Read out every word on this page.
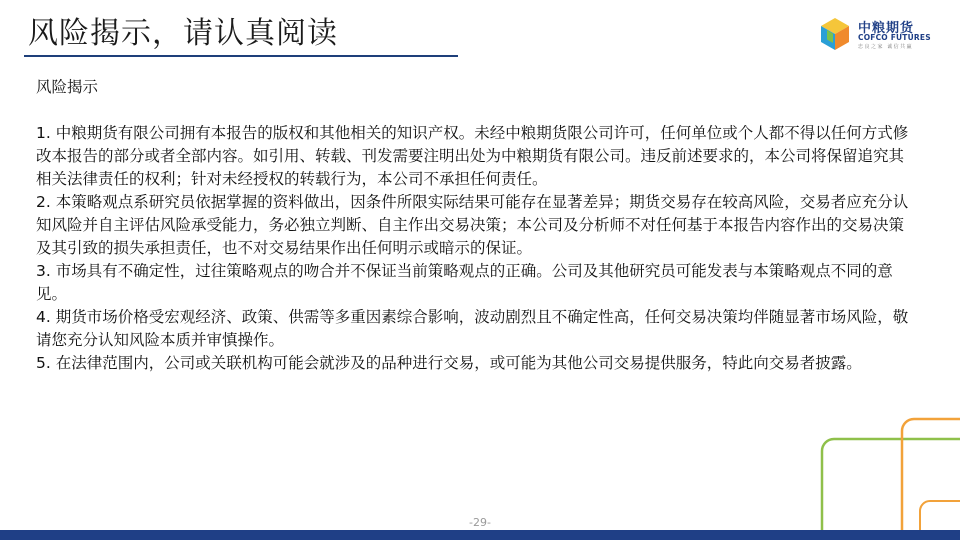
风险揭示，请认真阅读	中粮期货
COFCO FUTURES
忠良之家 诚信共赢

风险揭示

1. 中粮期货有限公司拥有本报告的版权和其他相关的知识产权。未经中粮期货限公司许可，任何单位或个人都不得以任何方式修改本报告的部分或者全部内容。如引用、转载、刊发需要注明出处为中粮期货有限公司。违反前述要求的，本公司将保留追究其相关法律责任的权利；针对未经授权的转载行为，本公司不承担任何责任。

2. 本策略观点系研究员依据掌握的资料做出，因条件所限实际结果可能存在显著差异；期货交易存在较高风险，交易者应充分认知风险并自主评估风险承受能力，务必独立判断、自主作出交易决策；本公司及分析师不对任何基于本报告内容作出的交易决策及其引致的损失承担责任，也不对交易结果作出任何明示或暗示的保证。

3. 市场具有不确定性，过往策略观点的吻合并不保证当前策略观点的正确。公司及其他研究员可能发表与本策略观点不同的意见。

4. 期货市场价格受宏观经济、政策、供需等多重因素综合影响，波动剧烈且不确定性高，任何交易决策均伴随显著市场风险，敬请您充分认知风险本质并审慎操作。

5. 在法律范围内，公司或关联机构可能会就涉及的品种进行交易，或可能为其他公司交易提供服务，特此向交易者披露。

-29-
